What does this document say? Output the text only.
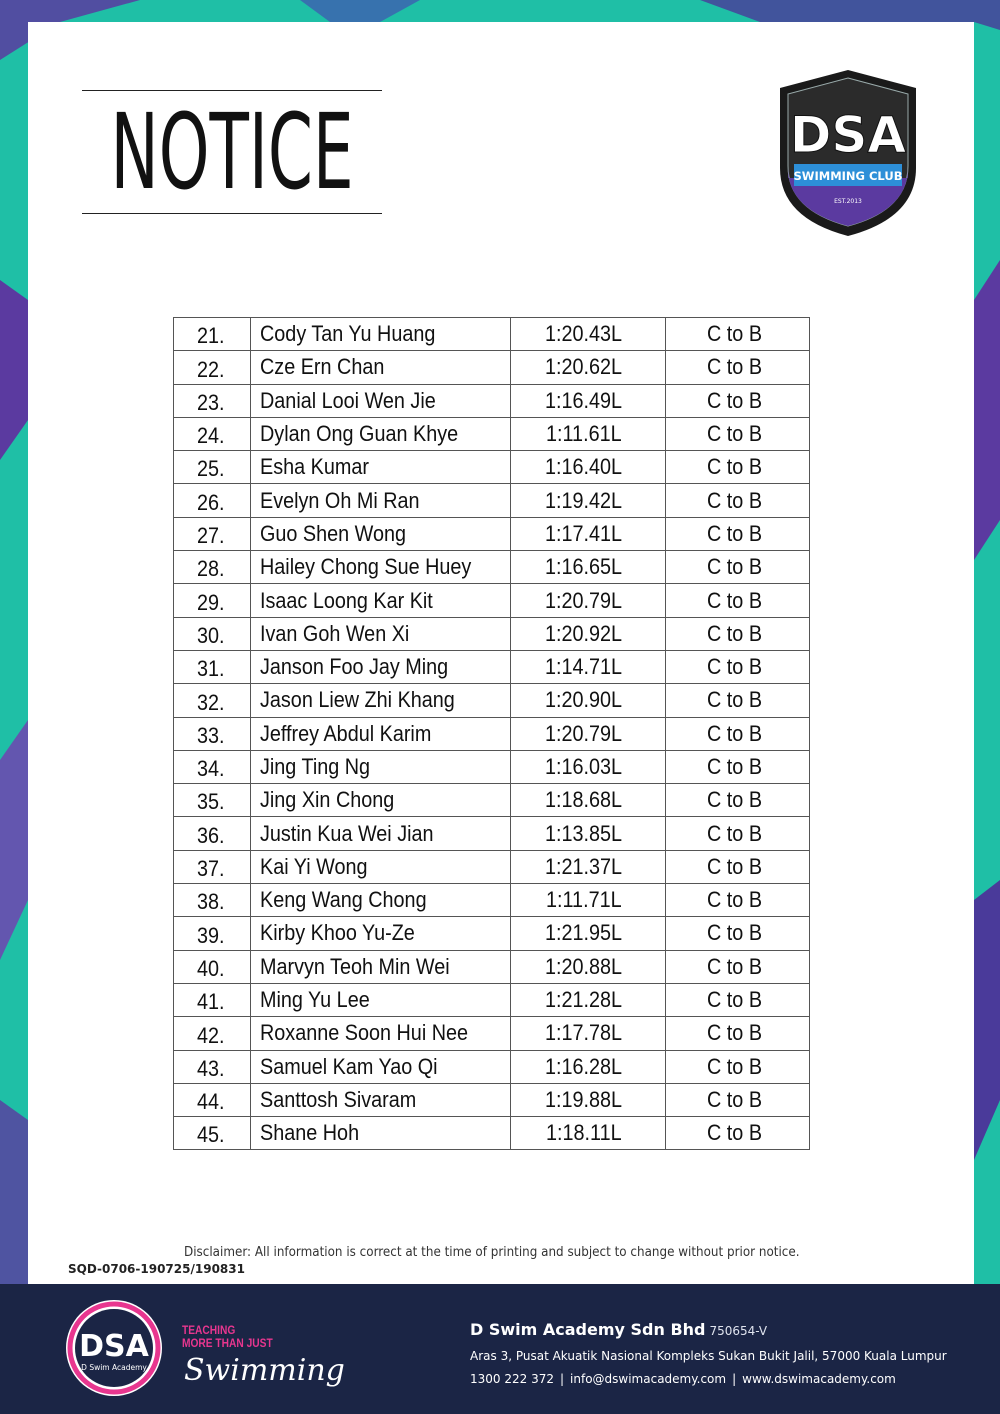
NOTICE	DSA
SWIMMING CLUB
EST.2013
21.	Cody Tan Yu Huang	1:20.43L	C to B
22.	Cze Ern Chan	1:20.62L	C to B
23.	Danial Looi Wen Jie	1:16.49L	C to B
24.	Dylan Ong Guan Khye	1:11.61L	C to B
25.	Esha Kumar	1:16.40L	C to B
26.	Evelyn Oh Mi Ran	1:19.42L	C to B
27.	Guo Shen Wong	1:17.41L	C to B
28.	Hailey Chong Sue Huey	1:16.65L	C to B
29.	Isaac Loong Kar Kit	1:20.79L	C to B
30.	Ivan Goh Wen Xi	1:20.92L	C to B
31.	Janson Foo Jay Ming	1:14.71L	C to B
32.	Jason Liew Zhi Khang	1:20.90L	C to B
33.	Jeffrey Abdul Karim	1:20.79L	C to B
34.	Jing Ting Ng	1:16.03L	C to B
35.	Jing Xin Chong	1:18.68L	C to B
36.	Justin Kua Wei Jian	1:13.85L	C to B
37.	Kai Yi Wong	1:21.37L	C to B
38.	Keng Wang Chong	1:11.71L	C to B
39.	Kirby Khoo Yu-Ze	1:21.95L	C to B
40.	Marvyn Teoh Min Wei	1:20.88L	C to B
41.	Ming Yu Lee	1:21.28L	C to B
42.	Roxanne Soon Hui Nee	1:17.78L	C to B
43.	Samuel Kam Yao Qi	1:16.28L	C to B
44.	Santtosh Sivaram	1:19.88L	C to B
45.	Shane Hoh	1:18.11L	C to B
Disclaimer: All information is correct at the time of printing and subject to change without prior notice.
SQD-0706-190725/190831
DSA
D Swim Academy
TEACHING
MORE THAN JUST
Swimming
D Swim Academy Sdn Bhd 750654-V
Aras 3, Pusat Akuatik Nasional Kompleks Sukan Bukit Jalil, 57000 Kuala Lumpur
1300 222 372 | info@dswimacademy.com | www.dswimacademy.com
